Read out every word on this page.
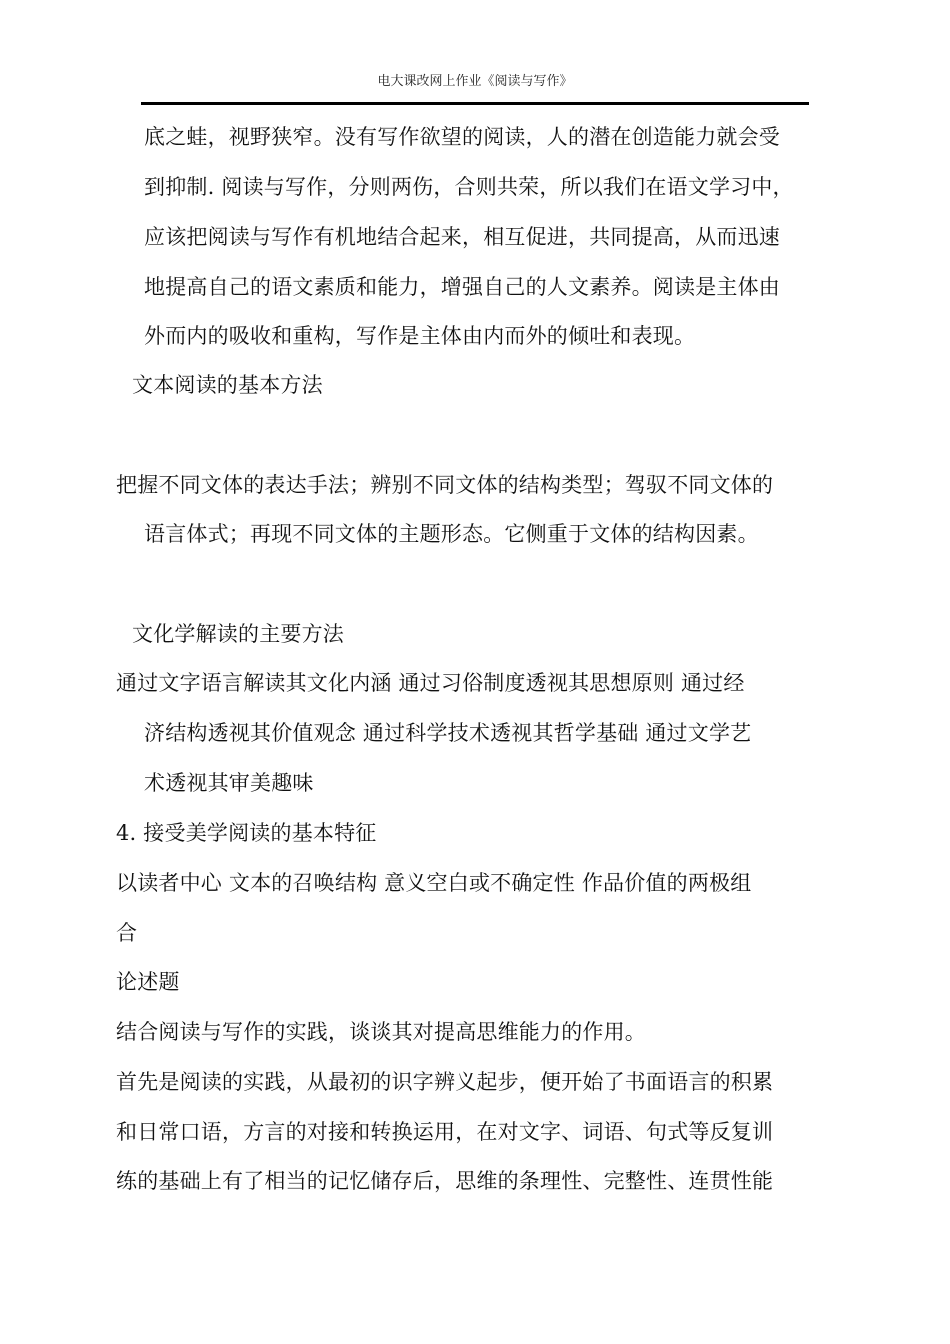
电大课改网上作业《阅读与写作》
底之蛙，视野狭窄。没有写作欲望的阅读，人的潜在创造能力就会受
到抑制. 阅读与写作，分则两伤，合则共荣，所以我们在语文学习中，
应该把阅读与写作有机地结合起来，相互促进，共同提高，从而迅速
地提高自己的语文素质和能力，增强自己的人文素养。阅读是主体由
外而内的吸收和重构，写作是主体由内而外的倾吐和表现。
文本阅读的基本方法
把握不同文体的表达手法；辨别不同文体的结构类型；驾驭不同文体的
语言体式；再现不同文体的主题形态。它侧重于文体的结构因素。
文化学解读的主要方法
通过文字语言解读其文化内涵 通过习俗制度透视其思想原则 通过经
济结构透视其价值观念 通过科学技术透视其哲学基础 通过文学艺
术透视其审美趣味
4. 接受美学阅读的基本特征
以读者中心 文本的召唤结构 意义空白或不确定性 作品价值的两极组
合
论述题
结合阅读与写作的实践，谈谈其对提高思维能力的作用。
首先是阅读的实践，从最初的识字辨义起步，便开始了书面语言的积累
和日常口语，方言的对接和转换运用，在对文字、词语、句式等反复训
练的基础上有了相当的记忆储存后，思维的条理性、完整性、连贯性能
